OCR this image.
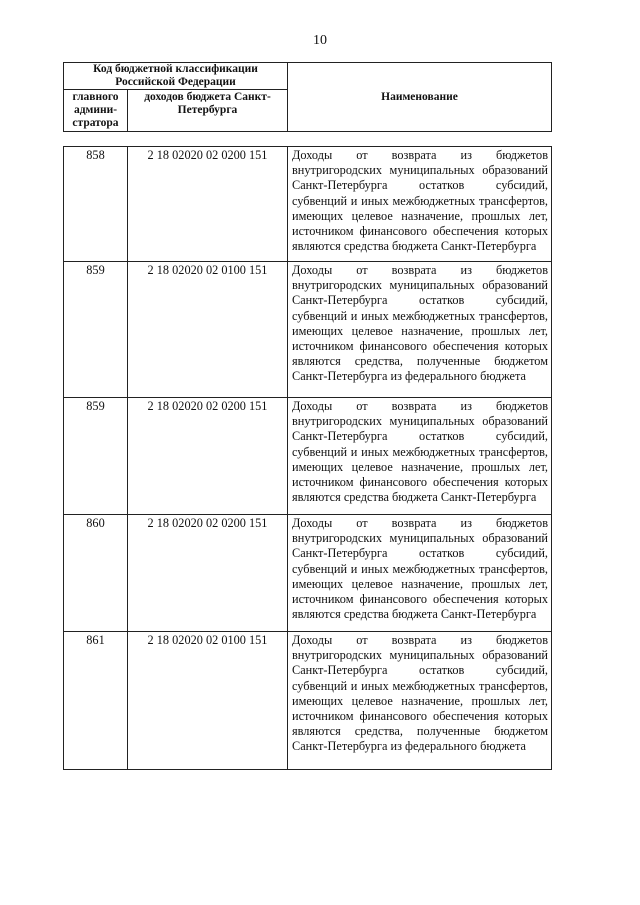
10
Код бюджетной классификации Российской Федерации		Наименование
главного админи-стратора	доходов бюджета Санкт-Петербурга	
858	2 18 02020 02 0200 151	Доходы от возврата из бюджетов внутригородских муниципальных образований Санкт-Петербурга остатков субсидий, субвенций и иных межбюджетных трансфертов, имеющих целевое назначение, прошлых лет, источником финансового обеспечения которых являются средства бюджета Санкт-Петербурга
859	2 18 02020 02 0100 151	Доходы от возврата из бюджетов внутригородских муниципальных образований Санкт-Петербурга остатков субсидий, субвенций и иных межбюджетных трансфертов, имеющих целевое назначение, прошлых лет, источником финансового обеспечения которых являются средства, полученные бюджетом Санкт-Петербурга из федерального бюджета
859	2 18 02020 02 0200 151	Доходы от возврата из бюджетов внутригородских муниципальных образований Санкт-Петербурга остатков субсидий, субвенций и иных межбюджетных трансфертов, имеющих целевое назначение, прошлых лет, источником финансового обеспечения которых являются средства бюджета Санкт-Петербурга
860	2 18 02020 02 0200 151	Доходы от возврата из бюджетов внутригородских муниципальных образований Санкт-Петербурга остатков субсидий, субвенций и иных межбюджетных трансфертов, имеющих целевое назначение, прошлых лет, источником финансового обеспечения которых являются средства бюджета Санкт-Петербурга
861	2 18 02020 02 0100 151	Доходы от возврата из бюджетов внутригородских муниципальных образований Санкт-Петербурга остатков субсидий, субвенций и иных межбюджетных трансфертов, имеющих целевое назначение, прошлых лет, источником финансового обеспечения которых являются средства, полученные бюджетом Санкт-Петербурга из федерального бюджета
